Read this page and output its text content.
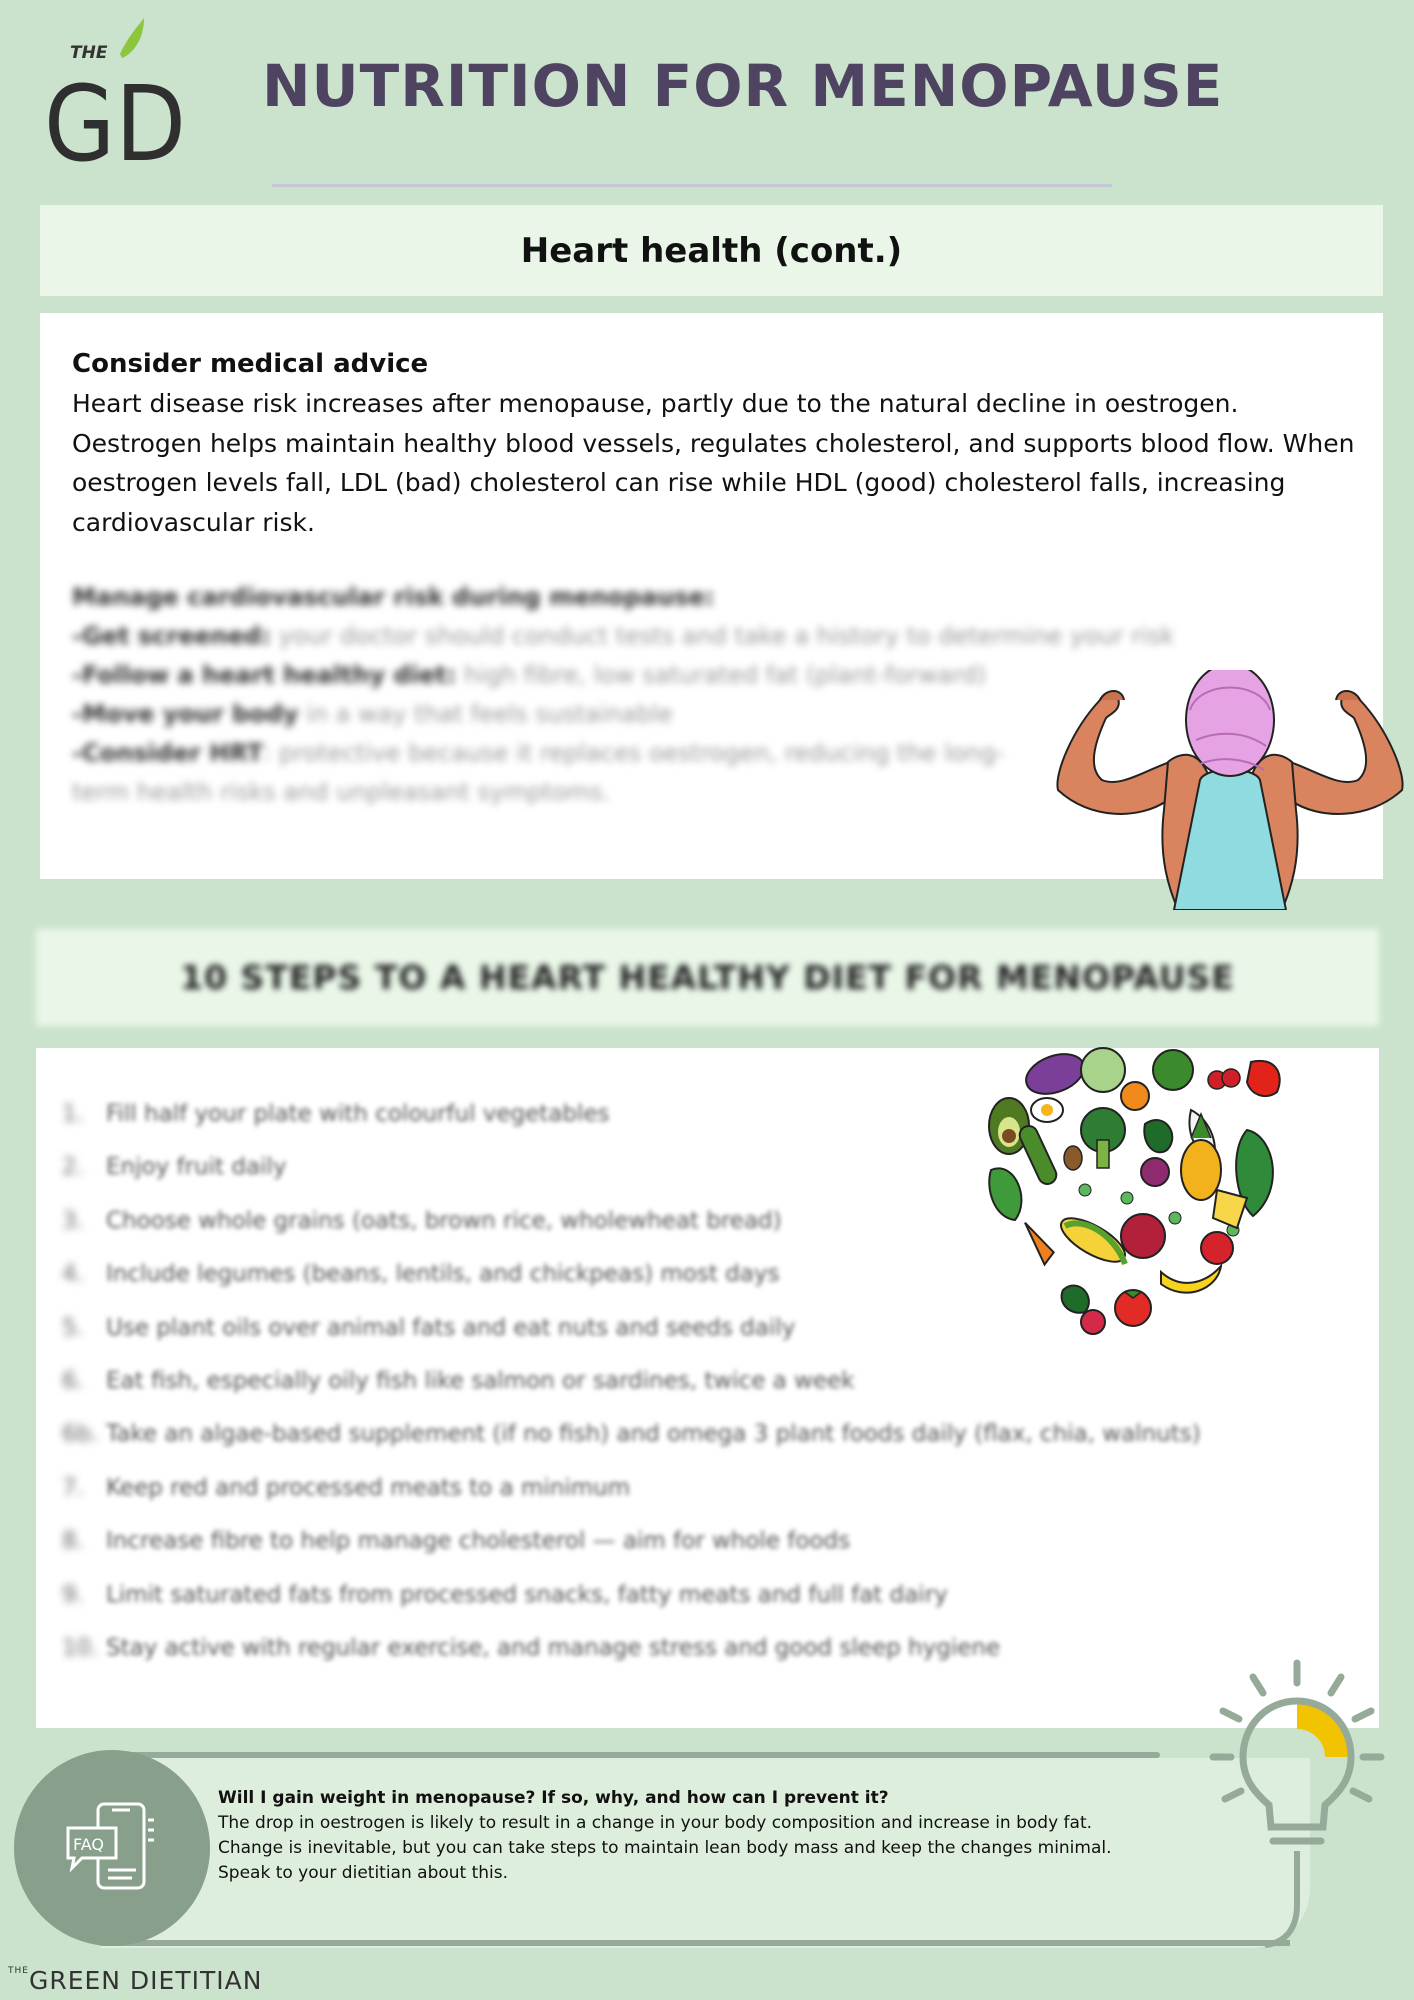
THE
GD NUTRITION FOR MENOPAUSE
Heart health (cont.)
Consider medical advice
Heart disease risk increases after menopause, partly due to the natural decline in oestrogen. Oestrogen helps maintain healthy blood vessels, regulates cholesterol, and supports blood flow. When oestrogen levels fall, LDL (bad) cholesterol can rise while HDL (good) cholesterol falls, increasing cardiovascular risk.
Manage cardiovascular risk during menopause:
-Get screened: your doctor should conduct tests and take a history to determine your risk
-Follow a heart healthy diet: high fibre, low saturated fat (plant-forward)
-Move your body in a way that feels sustainable
-Consider HRT: protective because it replaces oestrogen, reducing the long-term health risks and unpleasant symptoms.
10 STEPS TO A HEART HEALTHY DIET FOR MENOPAUSE
1. Fill half your plate with colourful vegetables
2. Enjoy fruit daily
3. Choose whole grains (oats, brown rice, wholewheat bread)
4. Include legumes (beans, lentils, and chickpeas) most days
5. Use plant oils over animal fats and eat nuts and seeds daily
6. Eat fish, especially oily fish like salmon or sardines, twice a week
6b. Take an algae-based supplement (if no fish) and omega 3 plant foods daily (flax, chia, walnuts)
7. Keep red and processed meats to a minimum
8. Increase fibre to help manage cholesterol — aim for whole foods
9. Limit saturated fats from processed snacks, fatty meats and full fat dairy
10. Stay active with regular exercise, and manage stress and good sleep hygiene
FAQ
Will I gain weight in menopause? If so, why, and how can I prevent it?
The drop in oestrogen is likely to result in a change in your body composition and increase in body fat.
Change is inevitable, but you can take steps to maintain lean body mass and keep the changes minimal.
Speak to your dietitian about this.
$^{THE}$GREEN DIETITIAN
